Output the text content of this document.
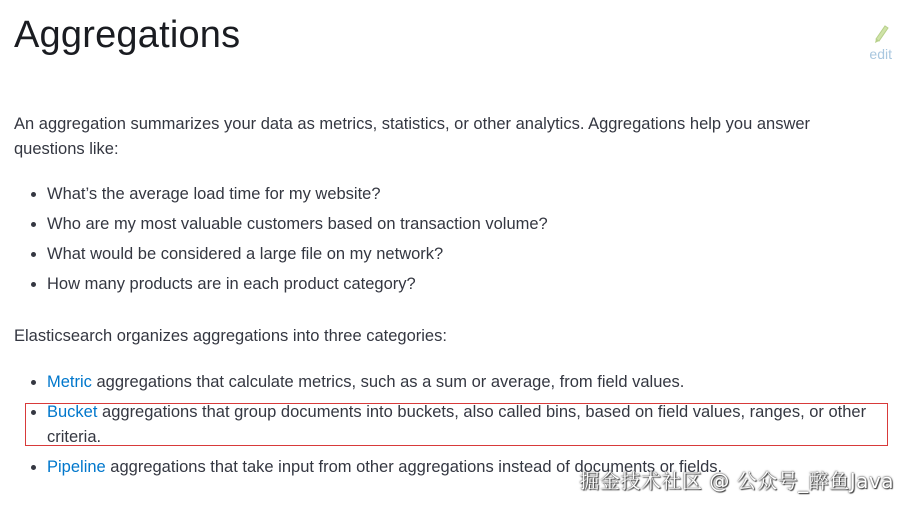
Aggregations	edit

An aggregation summarizes your data as metrics, statistics, or other analytics. Aggregations help you answer questions like:

• What’s the average load time for my website?
• Who are my most valuable customers based on transaction volume?
• What would be considered a large file on my network?
• How many products are in each product category?

Elasticsearch organizes aggregations into three categories:

• Metric aggregations that calculate metrics, such as a sum or average, from field values.
• Bucket aggregations that group documents into buckets, also called bins, based on field values, ranges, or other criteria.
• Pipeline aggregations that take input from other aggregations instead of documents or fields.
掘金技术社区 @ 公众号_醉鱼Java
